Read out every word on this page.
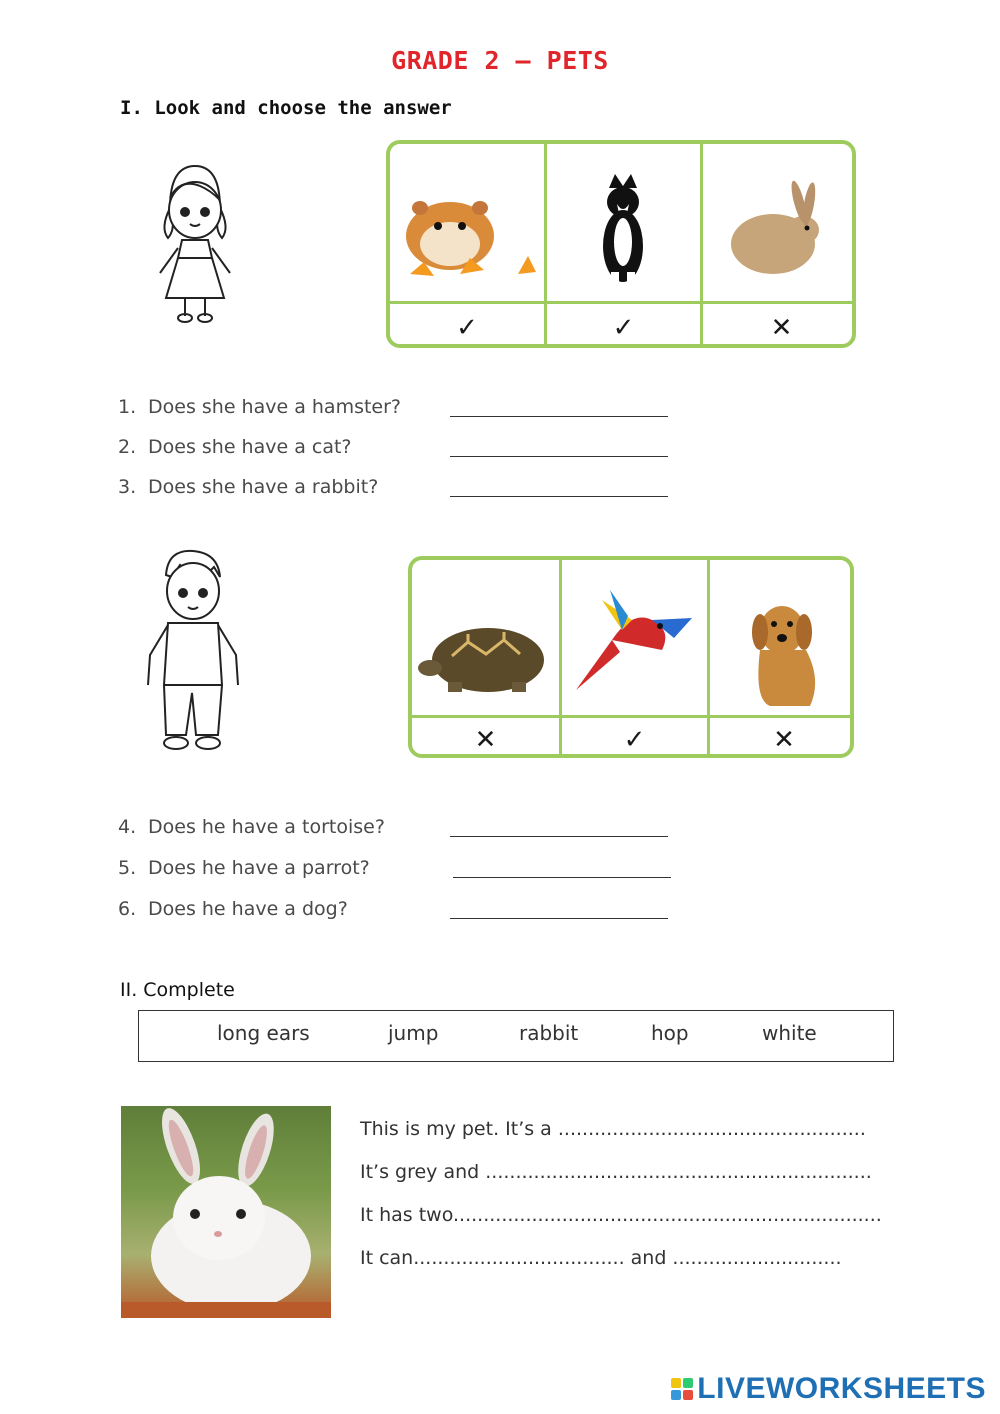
GRADE 2 – PETS
I. Look and choose the answer
✓	✓	✕
1. Does she have a hamster?
2. Does she have a cat?
3. Does she have a rabbit?
✕	✓	✕
4. Does he have a tortoise?
5. Does he have a parrot?
6. Does he have a dog?
II. Complete
long ears	jump	rabbit	hop	white
This is my pet. It’s a ...................................................
It’s grey and ................................................................
It has two.......................................................................
It can................................... and ............................
LIVEWORKSHEETS
